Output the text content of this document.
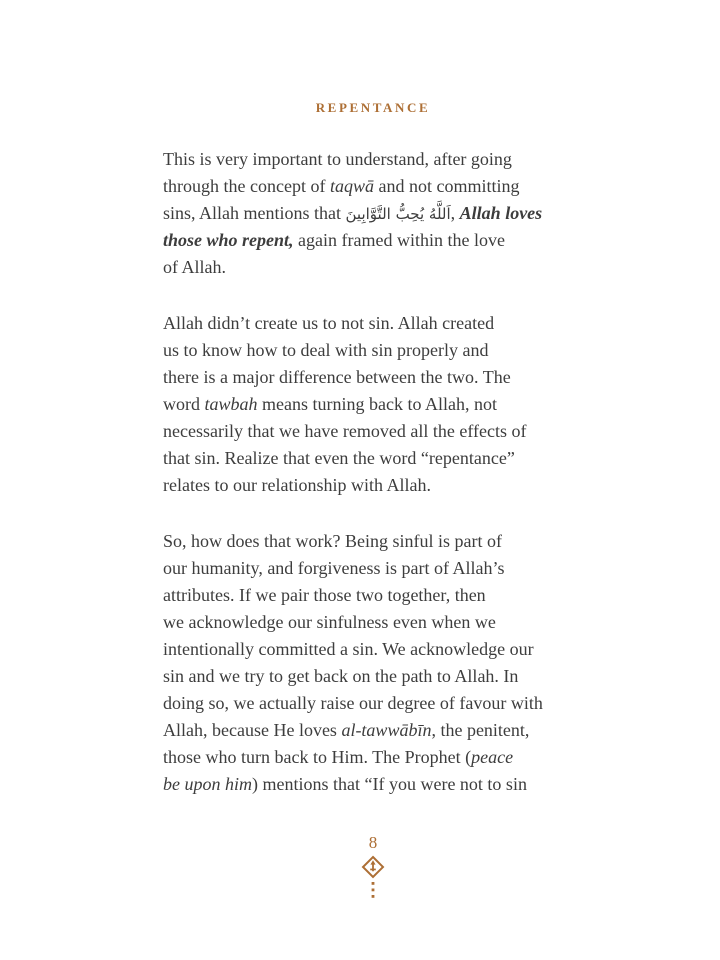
REPENTANCE
This is very important to understand, after going
through the concept of taqwā and not committing
sins, Allah mentions that اَللَّهُ يُحِبُّ التَّوَّابِينَ, Allah loves
those who repent, again framed within the love
of Allah.
Allah didn’t create us to not sin. Allah created
us to know how to deal with sin properly and
there is a major difference between the two. The
word tawbah means turning back to Allah, not
necessarily that we have removed all the effects of
that sin. Realize that even the word “repentance”
relates to our relationship with Allah.
So, how does that work? Being sinful is part of
our humanity, and forgiveness is part of Allah’s
attributes. If we pair those two together, then
we acknowledge our sinfulness even when we
intentionally committed a sin. We acknowledge our
sin and we try to get back on the path to Allah. In
doing so, we actually raise our degree of favour with
Allah, because He loves al-tawwābīn, the penitent,
those who turn back to Him. The Prophet (peace
be upon him) mentions that “If you were not to sin
8
